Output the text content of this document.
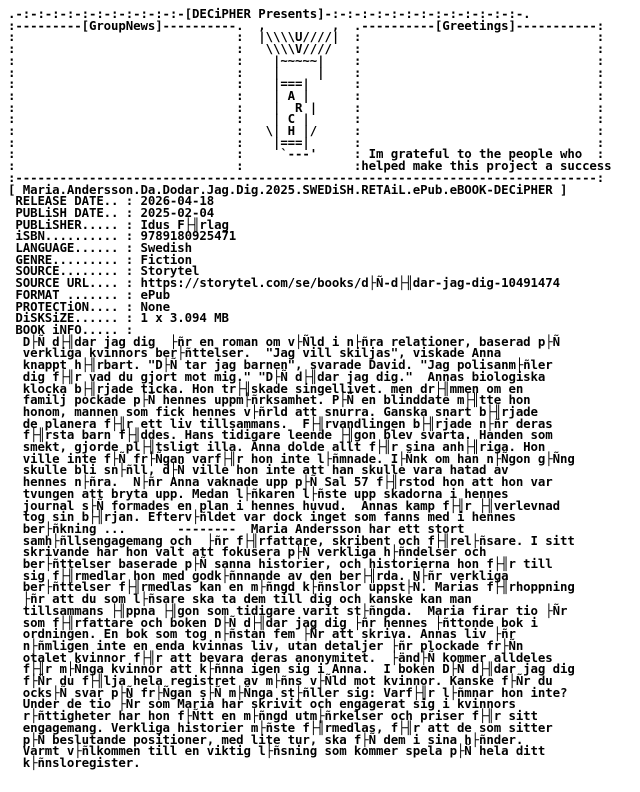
.-:-:-:-:-:-:-:-:-:-:-:-[DECiPHER Presents]-:-:-:-:-:-:-:-:-:-:-:-:-:-.
:---------[GroupNews]----------.  ,         ,  .----------[Greetings]-----------:
:                              :  |\\\\U////|  :                                :
:                              :   \\\\V////   :                                :
:                              :    |~~~~~|    :                                :
:                              :    |     |    :                                :
:                              :    |===|      :                                :
:                              :    | A |      :                                :
:                              :    |  R |     :                                :
:                              :    | C |      :                                :
:                              :   \| H |/     :                                :
:                              :    |===|      :                                :
:                              :     `---'     : Im grateful to the people who  :
:                              :               :helped make this project a success
:-------------------------------------------------------------------------------:

[ Maria.Andersson.Da.Dodar.Jag.Dig.2025.SWEDiSH.RETAiL.ePub.eBOOK-DECiPHER ]
RELEASE DATE.. : 2026-04-18
PUBLiSH DATE.. : 2025-02-04
PUBLiSHER..... : Idus F├╢rlag
iSBN.......... : 9789180925471
LANGUAGE...... : Swedish
GENRE......... : Fiction
SOURCE........ : Storytel
SOURCE URL.... : https://storytel.com/se/books/d├Ñ-d├╢dar-jag-dig-10491474
FORMAT ....... : ePub
PROTECTiON.... : None
DiSKSiZE...... : 1 x 3.094 MB
BOOK iNFO..... :

D├Ñ d├╢dar jag dig  ├ñr en roman om v├Ñld i n├ñra relationer, baserad p├Ñ
verkliga kvinnors ber├ñttelser.  "Jag vill skiljas", viskade Anna
knappt h├╢rbart. "D├Ñ tar jag barnen", svarade David. "Jag polisanm├ñler
dig f├╢r vad du gjort mot mig." "D├Ñ d├╢dar jag dig."  Annas biologiska
klocka b├╢rjade ticka. Hon tr├╢skade singellivet. men dr├╢mmen om en
familj pockade p├Ñ hennes uppm├ñrksamhet. P├Ñ en blinddate m├╢tte hon
honom, mannen som fick hennes v├ñrld att snurra. Ganska snart b├╢rjade
de planera f├╢r ett liv tillsammans.  F├╢rvandlingen b├╢rjade n├ñr deras
f├╢rsta barn f├╢ddes. Hans tidigare leende ├╢gon blev svarta. Handen som
smekt, gjorde pl├╢tsligt illa. Anna dolde allt f├╢r sina anh├╢riga. Hon
ville inte f├Ñ fr├Ñgan varf├╢r hon inte l├ñmnade. I├Ñnk om han n├Ñgon g├Ñng
skulle bli sn├ñll, d├Ñ ville hon inte att han skulle vara hatad av
hennes n├ñra.  N├ñr Anna vaknade upp p├Ñ Sal 57 f├╢rstod hon att hon var
tvungen att bryta upp. Medan l├ñkaren l├ñste upp skadorna i hennes
journal s├Ñ formades en plan i hennes huvud.  Annas kamp f├╢r ├╢verlevnad
tog sin b├╢rjan. Efterv├ñldet var dock inget som fanns med i hennes
ber├ñkning ...       --------  Maria Andersson har ett stort
samh├ñllsengagemang och  ├ñr f├╢rfattare, skribent och f├╢rel├ñsare. I sitt
skrivande har hon valt att fokusera p├Ñ verkliga h├ñndelser och
ber├ñttelser baserade p├Ñ sanna historier, och historierna hon f├╢r till
sig f├╢rmedlar hon med godk├ñnnande av den ber├╢rda. N├ñr verkliga
ber├ñttelser f├╢rmedlas kan en m├ñngd k├ñnslor uppst├Ñ. Marias f├╢rhoppning
├ñr att du som l├ñsare ska ta dem till dig och kanske kan man
tillsammans ├╢ppna ├╢gon som tidigare varit st├ñngda.  Maria firar tio ├Ñr
som f├╢rfattare och boken D├Ñ d├╢dar jag dig ├ñr hennes ├ñttonde bok i
ordningen. En bok som tog n├ñstan fem ├Ñr att skriva. Annas liv ├ñr
n├ñmligen inte en enda kvinnas liv, utan detaljer ├ñr plockade fr├Ñn
otalet kvinnor f├╢r att bevara deras anonymitet.  ├änd├Ñ kommer alldeles
f├╢r m├Ñnga kvinnor att k├ñnna igen sig i Anna.  I boken D├Ñ d├╢dar jag dig
f├Ñr du f├╢lja hela registret av m├ñns v├Ñld mot kvinnor. Kanske f├Ñr du
ocks├Ñ svar p├Ñ fr├Ñgan s├Ñ m├Ñnga st├ñller sig: Varf├╢r l├ñmnar hon inte?
Under de tio ├Ñr som Maria har skrivit och engagerat sig i kvinnors
r├ñttigheter har hon f├Ñtt en m├ñngd utm├ñrkelser och priser f├╢r sitt
engagemang. Verkliga historier m├ñste f├╢rmedlas, f├╢r att de som sitter
p├Ñ beslutande positioner, med lite tur, ska f├Ñ dem i sina h├ñnder.
Varmt v├ñlkommen till en viktig l├ñsning som kommer spela p├Ñ hela ditt
k├ñnsloregister.
